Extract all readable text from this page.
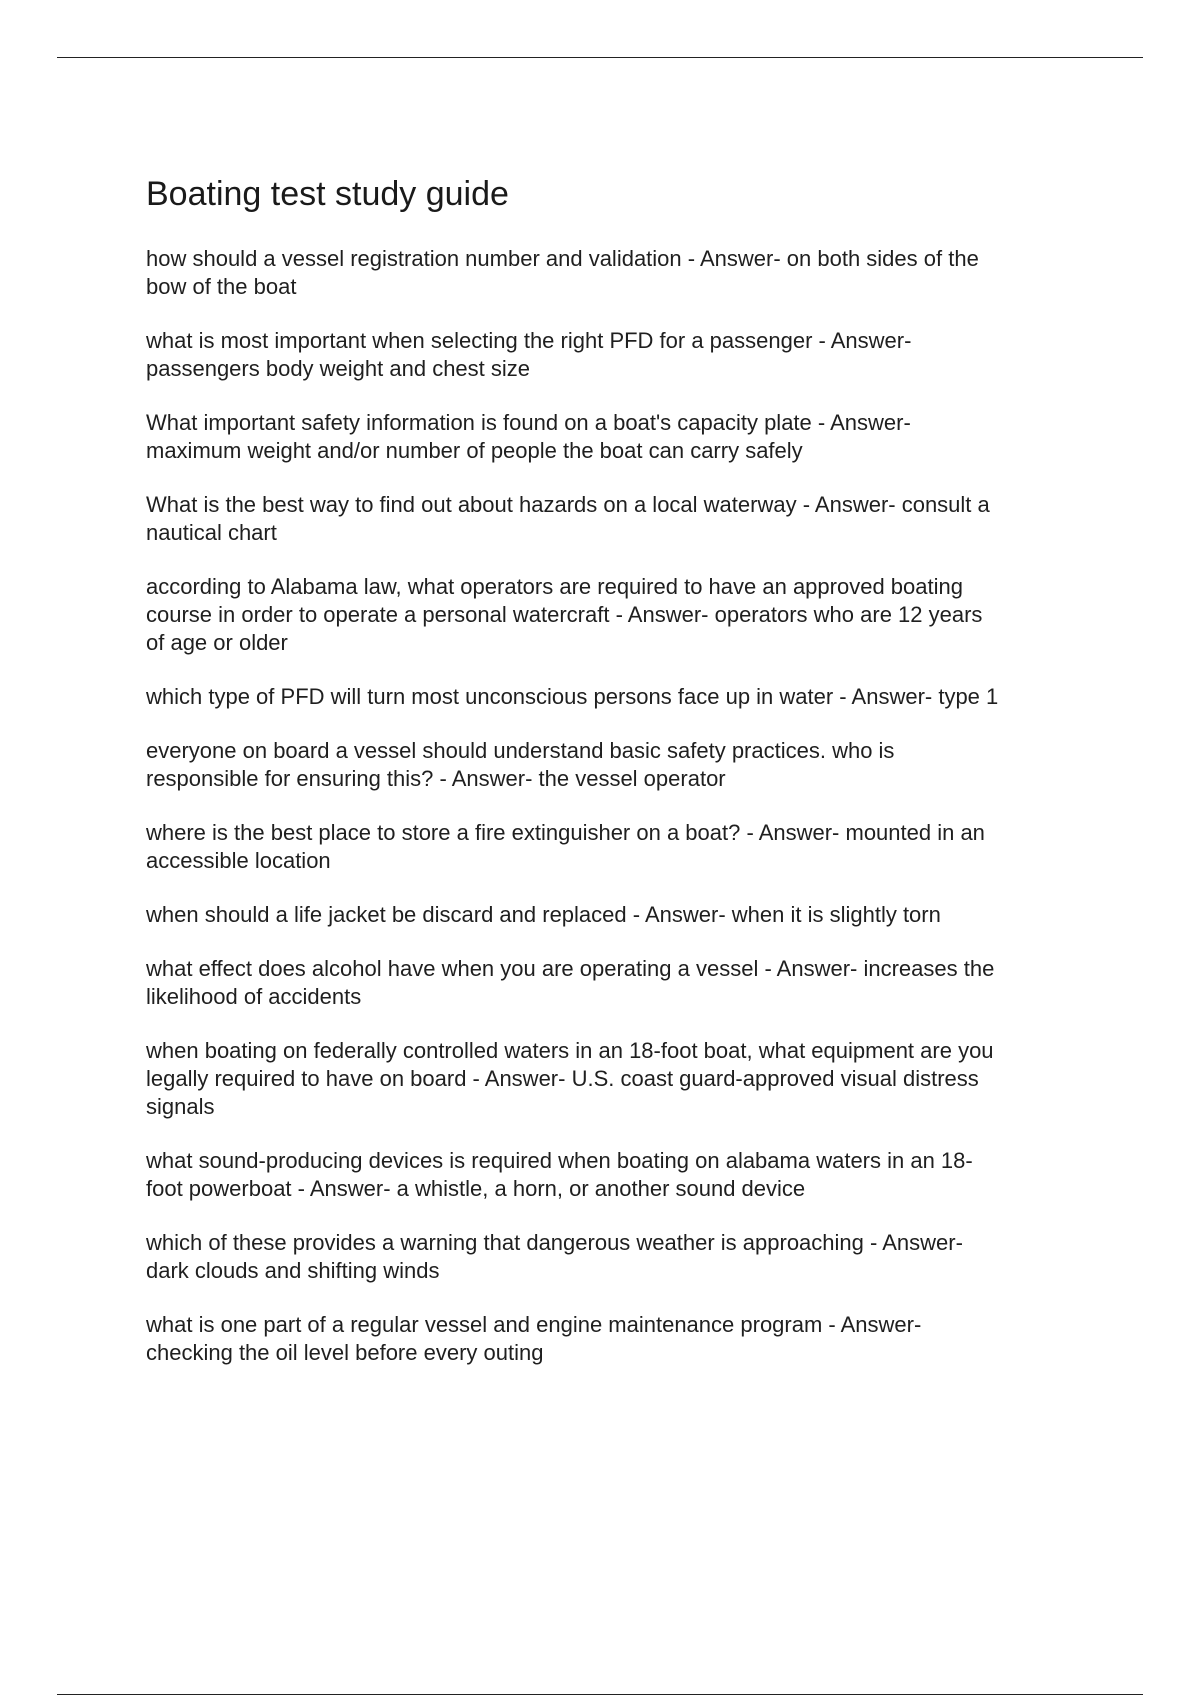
Boating test study guide
how should a vessel registration number and validation - Answer- on both sides of the
bow of the boat
what is most important when selecting the right PFD for a passenger - Answer-
passengers body weight and chest size
What important safety information is found on a boat's capacity plate - Answer-
maximum weight and/or number of people the boat can carry safely
What is the best way to find out about hazards on a local waterway - Answer- consult a
nautical chart
according to Alabama law, what operators are required to have an approved boating
course in order to operate a personal watercraft - Answer- operators who are 12 years
of age or older
which type of PFD will turn most unconscious persons face up in water - Answer- type 1
everyone on board a vessel should understand basic safety practices. who is
responsible for ensuring this? - Answer- the vessel operator
where is the best place to store a fire extinguisher on a boat? - Answer- mounted in an
accessible location
when should a life jacket be discard and replaced - Answer- when it is slightly torn
what effect does alcohol have when you are operating a vessel - Answer- increases the
likelihood of accidents
when boating on federally controlled waters in an 18-foot boat, what equipment are you
legally required to have on board - Answer- U.S. coast guard-approved visual distress
signals
what sound-producing devices is required when boating on alabama waters in an 18-
foot powerboat - Answer- a whistle, a horn, or another sound device
which of these provides a warning that dangerous weather is approaching - Answer-
dark clouds and shifting winds
what is one part of a regular vessel and engine maintenance program - Answer-
checking the oil level before every outing
